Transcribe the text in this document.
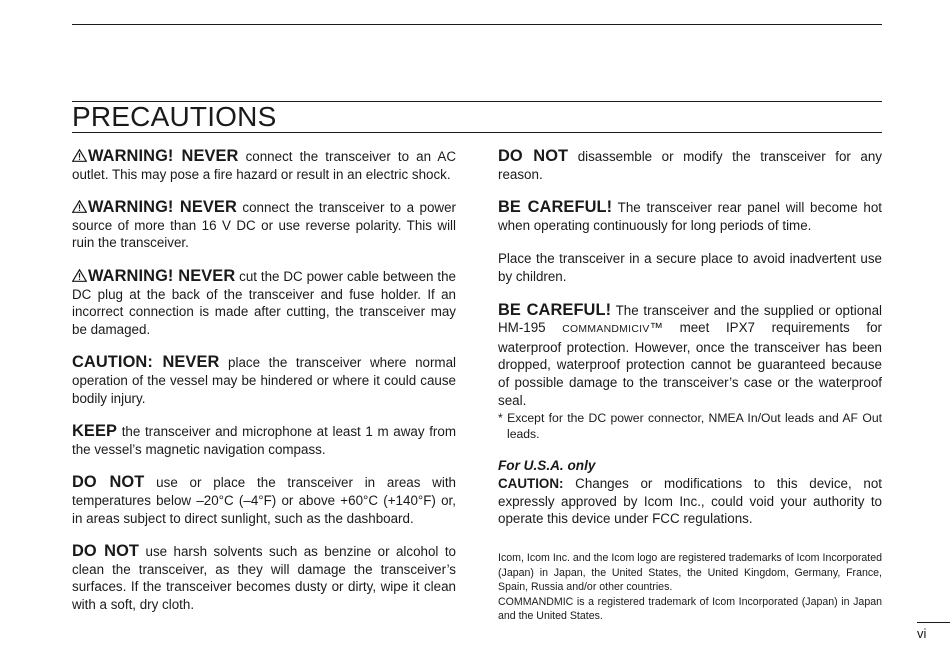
PRECAUTIONS

WARNING! NEVER connect the transceiver to an AC outlet. This may pose a fire hazard or result in an electric shock.

WARNING! NEVER connect the transceiver to a power source of more than 16 V DC or use reverse polarity. This will ruin the transceiver.

WARNING! NEVER cut the DC power cable between the DC plug at the back of the transceiver and fuse holder. If an incorrect connection is made after cutting, the transceiver may be damaged.

CAUTION: NEVER place the transceiver where normal operation of the vessel may be hindered or where it could cause bodily injury.

KEEP the transceiver and microphone at least 1 m away from the vessel’s magnetic navigation compass.

DO NOT use or place the transceiver in areas with temperatures below –20°C (–4°F) or above +60°C (+140°F) or, in areas subject to direct sunlight, such as the dashboard.

DO NOT use harsh solvents such as benzine or alcohol to clean the transceiver, as they will damage the transceiver’s surfaces. If the transceiver becomes dusty or dirty, wipe it clean with a soft, dry cloth.

DO NOT disassemble or modify the transceiver for any reason.

BE CAREFUL! The transceiver rear panel will become hot when operating continuously for long periods of time.

Place the transceiver in a secure place to avoid inadvertent use by children.

BE CAREFUL! The transceiver and the supplied or optional HM-195 COMMANDMICIV™ meet IPX7 requirements for waterproof protection. However, once the transceiver has been dropped, waterproof protection cannot be guaranteed because of possible damage to the transceiver’s case or the waterproof seal.

* Except for the DC power connector, NMEA In/Out leads and AF Out leads.

For U.S.A. only

CAUTION: Changes or modifications to this device, not expressly approved by Icom Inc., could void your authority to operate this device under FCC regulations.

Icom, Icom Inc. and the Icom logo are registered trademarks of Icom Incorporated (Japan) in Japan, the United States, the United Kingdom, Germany, France, Spain, Russia and/or other countries.

COMMANDMIC is a registered trademark of Icom Incorporated (Japan) in Japan and the United States.

vi
